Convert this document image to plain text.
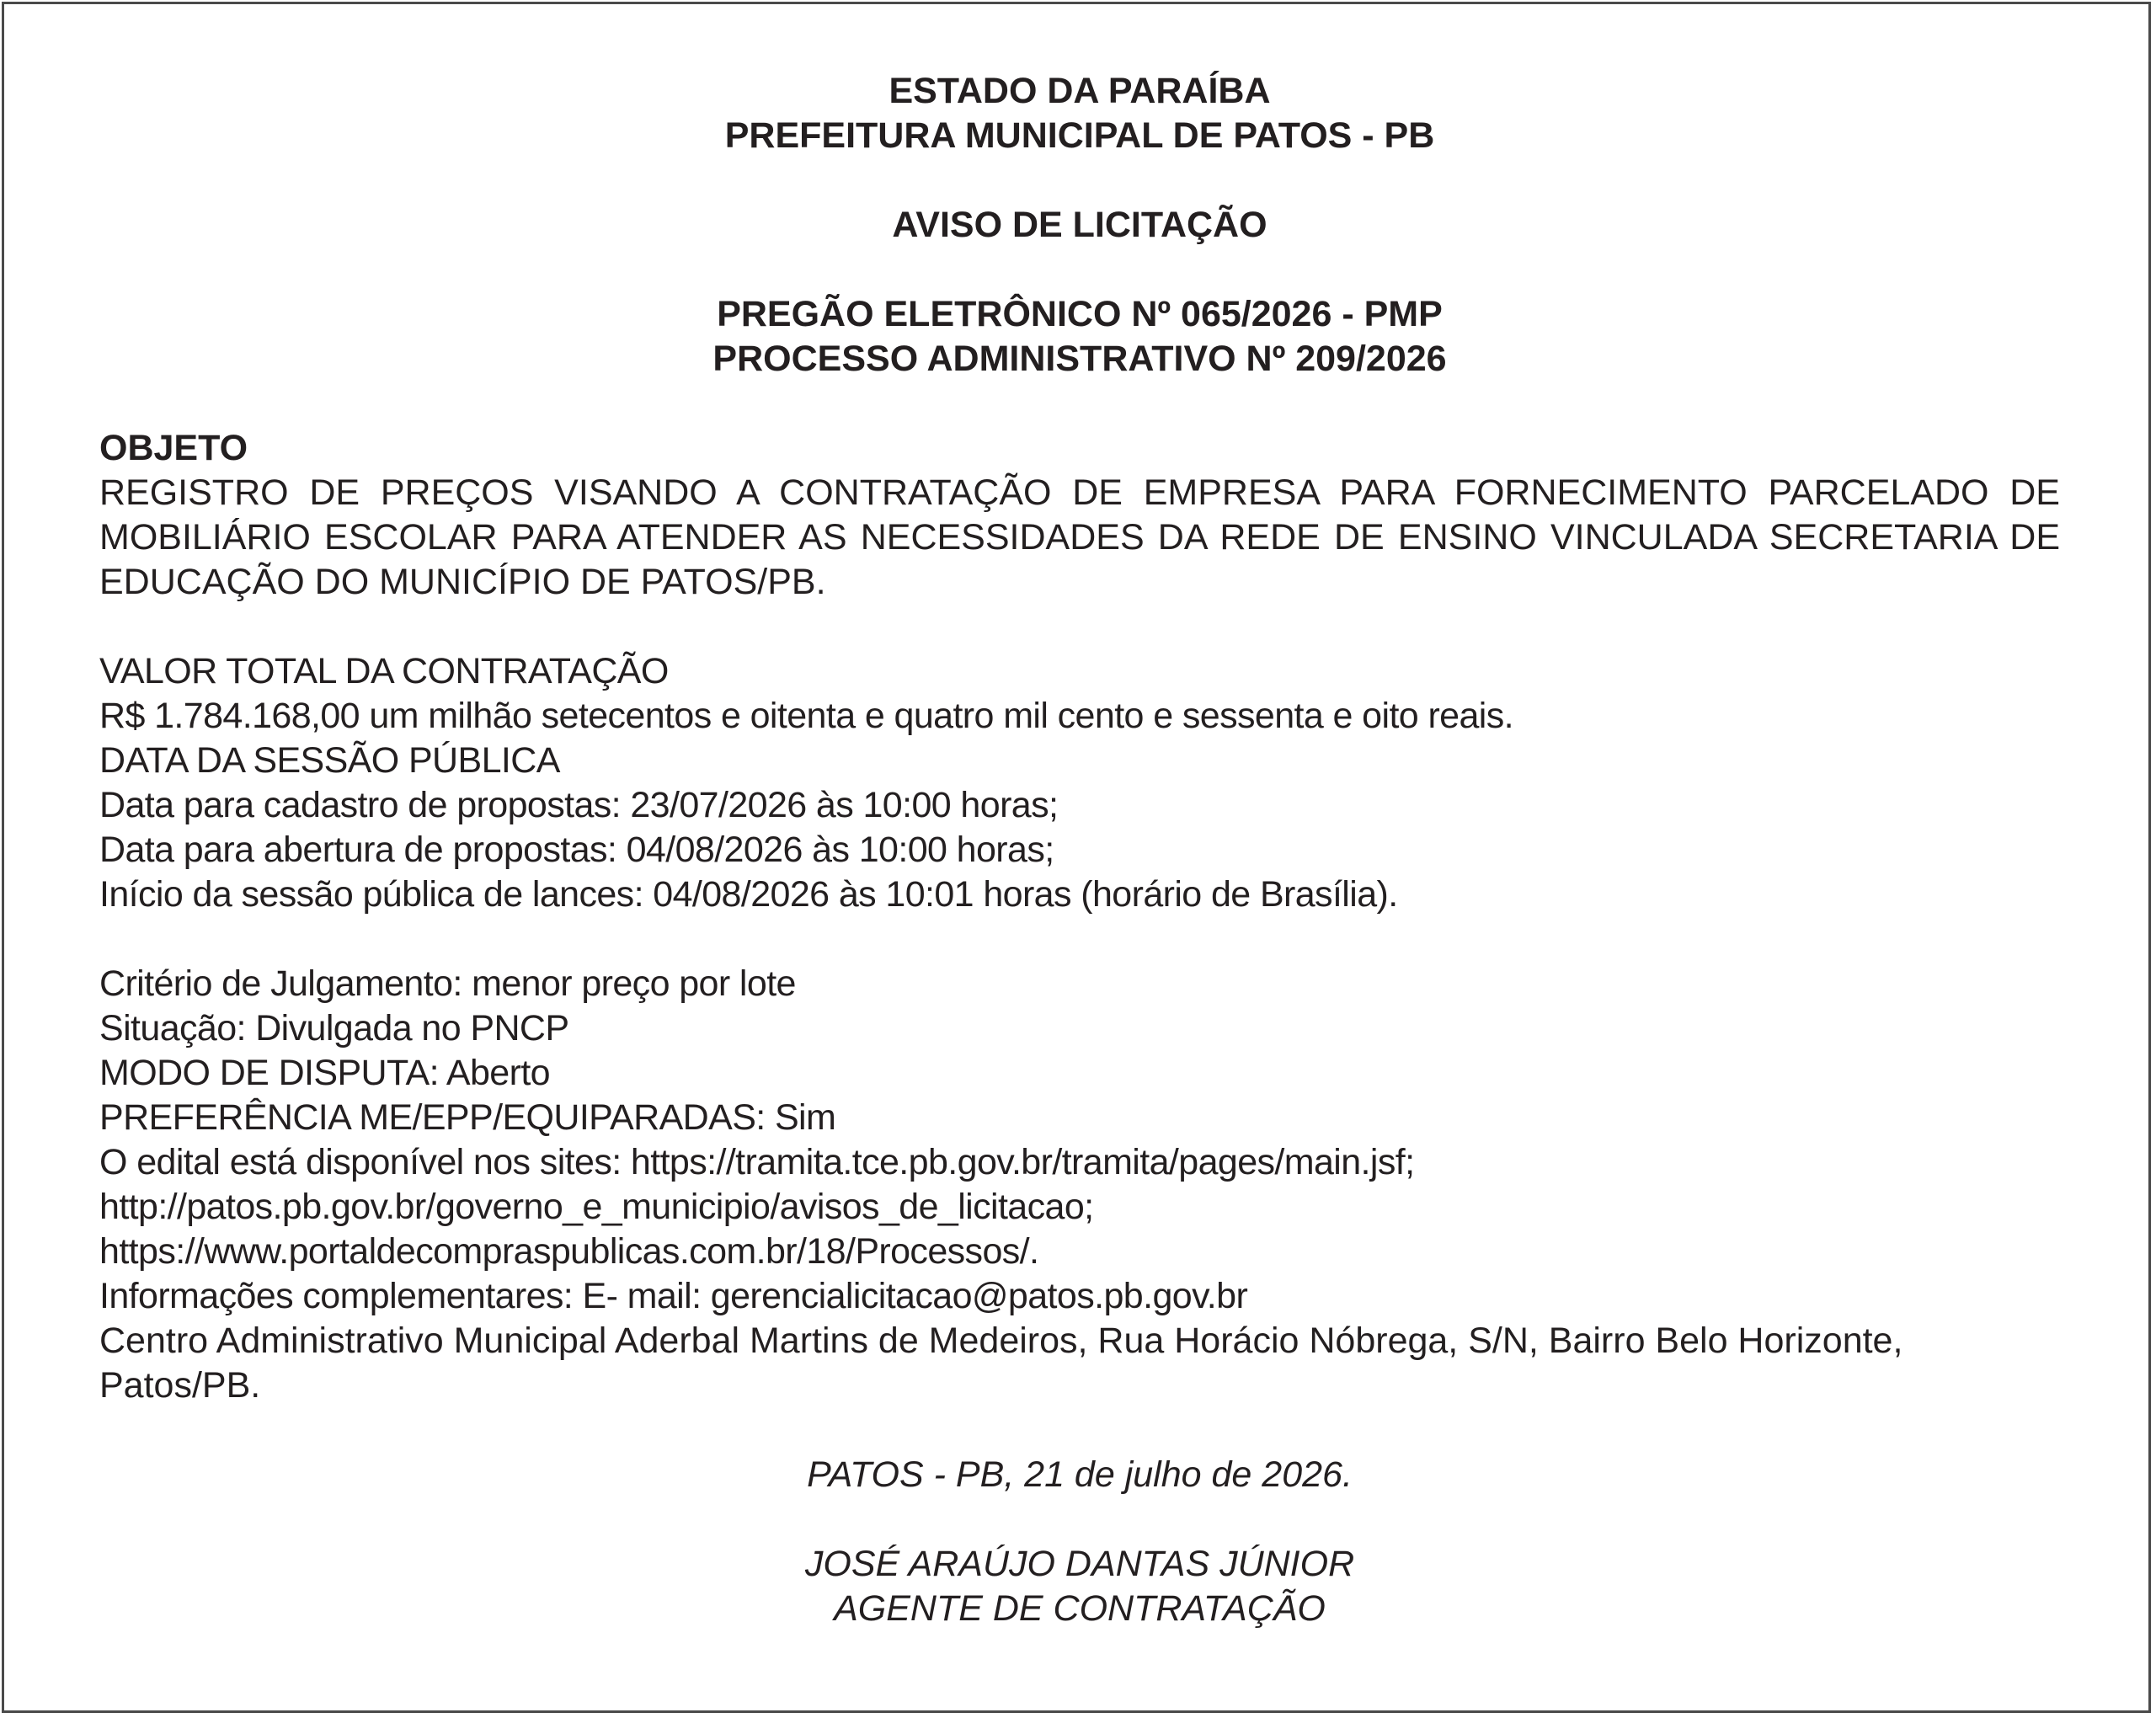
ESTADO DA PARAÍBA
PREFEITURA MUNICIPAL DE PATOS - PB
AVISO DE LICITAÇÃO
PREGÃO ELETRÔNICO Nº 065/2026 - PMP
PROCESSO ADMINISTRATIVO Nº 209/2026
OBJETO
REGISTRO DE PREÇOS VISANDO A CONTRATAÇÃO DE EMPRESA PARA FORNECIMENTO PARCELADO DE MOBILIÁRIO ESCOLAR PARA ATENDER AS NECESSIDADES DA REDE DE ENSINO VINCULADA SECRETARIA DE EDUCAÇÃO DO MUNICÍPIO DE PATOS/PB.
VALOR TOTAL DA CONTRATAÇÃO
R$ 1.784.168,00 um milhão setecentos e oitenta e quatro mil cento e sessenta e oito reais.
DATA DA SESSÃO PÚBLICA
Data para cadastro de propostas: 23/07/2026 às 10:00 horas;
Data para abertura de propostas: 04/08/2026 às 10:00 horas;
Início da sessão pública de lances: 04/08/2026 às 10:01 horas (horário de Brasília).
Critério de Julgamento: menor preço por lote
Situação: Divulgada no PNCP
MODO DE DISPUTA: Aberto
PREFERÊNCIA ME/EPP/EQUIPARADAS: Sim
O edital está disponível nos sites: https://tramita.tce.pb.gov.br/tramita/pages/main.jsf;
http://patos.pb.gov.br/governo_e_municipio/avisos_de_licitacao;
https://www.portaldecompraspublicas.com.br/18/Processos/.
Informações complementares: E- mail: gerencialicitacao@patos.pb.gov.br
Centro Administrativo Municipal Aderbal Martins de Medeiros, Rua Horácio Nóbrega, S/N, Bairro Belo Horizonte, Patos/PB.
PATOS - PB, 21 de julho de 2026.
JOSÉ ARAÚJO DANTAS JÚNIOR
AGENTE DE CONTRATAÇÃO
